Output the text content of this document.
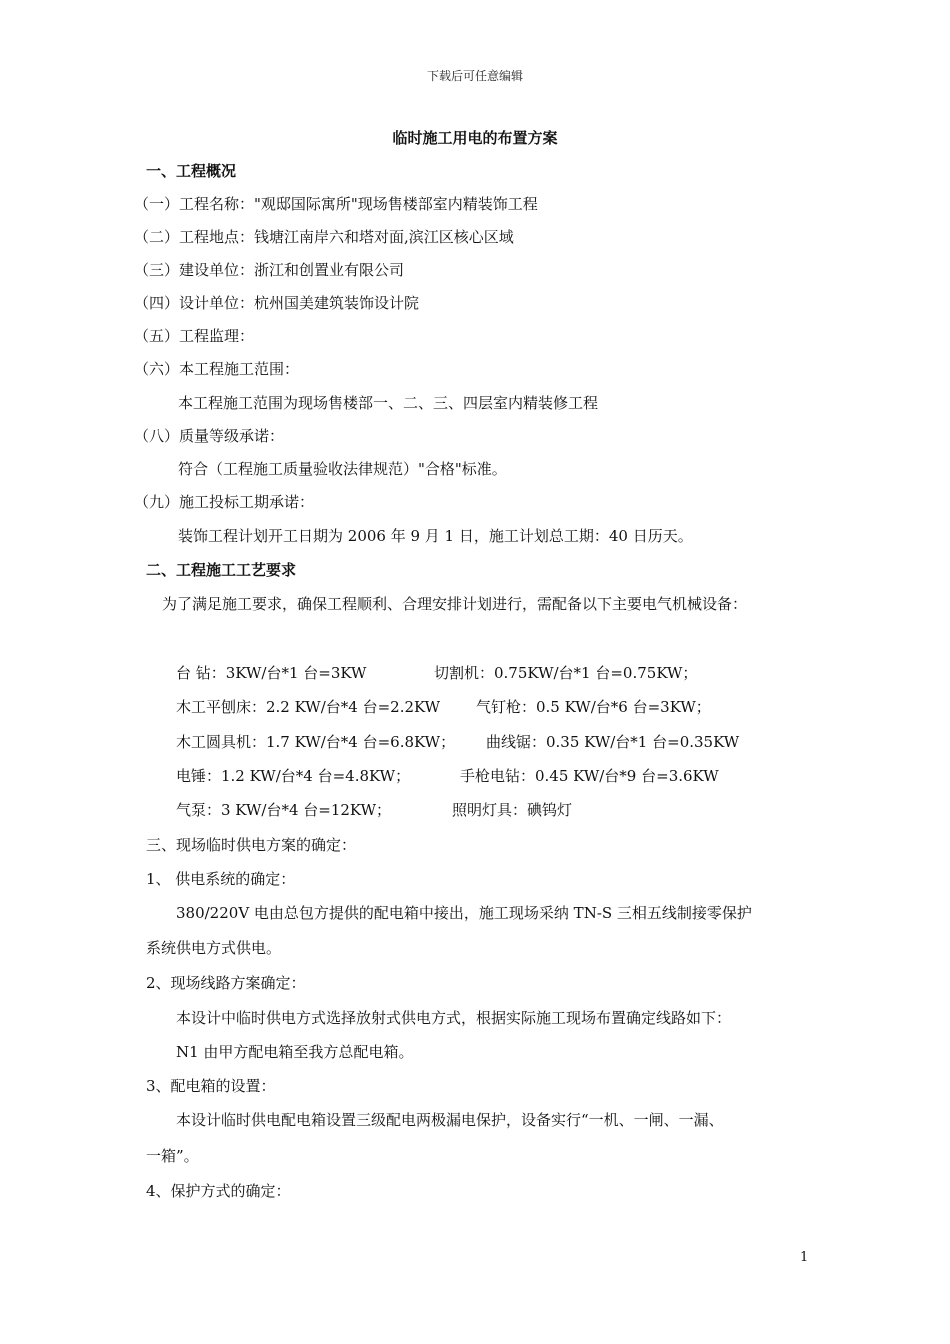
下载后可任意编辑
临时施工用电的布置方案
一、工程概况
（一）工程名称："观邸国际寓所"现场售楼部室内精装饰工程
（二）工程地点：钱塘江南岸六和塔对面,滨江区核心区域
（三）建设单位：浙江和创置业有限公司
（四）设计单位：杭州国美建筑装饰设计院
（五）工程监理：
（六）本工程施工范围：
本工程施工范围为现场售楼部一、二、三、四层室内精装修工程
（八）质量等级承诺：
符合（工程施工质量验收法律规范）"合格"标准。
（九）施工投标工期承诺：
装饰工程计划开工日期为 2006 年 9 月 1 日，施工计划总工期：40 日历天。
二、工程施工工艺要求
为了满足施工要求，确保工程顺利、合理安排计划进行，需配备以下主要电气机械设备：
台 钻：3KW/台*1 台=3KW	切割机：0.75KW/台*1 台=0.75KW；
木工平刨床：2.2 KW/台*4 台=2.2KW 气钉枪：0.5 KW/台*6 台=3KW；
木工圆具机：1.7 KW/台*4 台=6.8KW； 曲线锯：0.35 KW/台*1 台=0.35KW
电锤：1.2 KW/台*4 台=4.8KW；	手枪电钻：0.45 KW/台*9 台=3.6KW
气泵：3 KW/台*4 台=12KW；	照明灯具：碘钨灯
三、现场临时供电方案的确定：
1、 供电系统的确定：
380/220V 电由总包方提供的配电箱中接出，施工现场采纳 TN-S 三相五线制接零保护
系统供电方式供电。
2、现场线路方案确定：
本设计中临时供电方式选择放射式供电方式，根据实际施工现场布置确定线路如下：
N1 由甲方配电箱至我方总配电箱。
3、配电箱的设置：
本设计临时供电配电箱设置三级配电两极漏电保护，设备实行“一机、一闸、一漏、
一箱”。
4、保护方式的确定：
1
